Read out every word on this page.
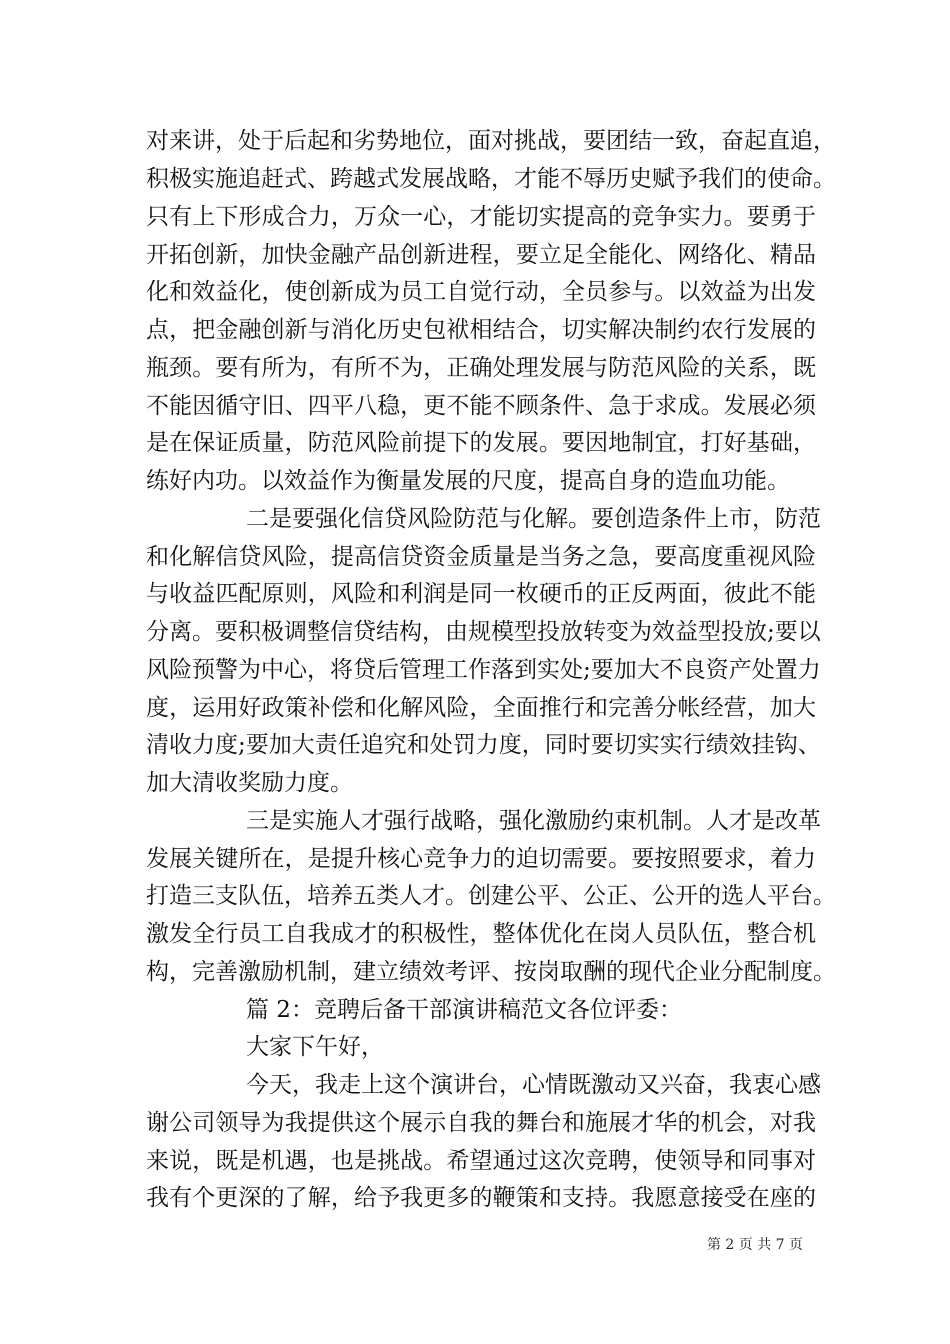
对来讲，处于后起和劣势地位，面对挑战，要团结一致，奋起直追，
积极实施追赶式、跨越式发展战略，才能不辱历史赋予我们的使命。
只有上下形成合力，万众一心，才能切实提高的竞争实力。要勇于
开拓创新，加快金融产品创新进程，要立足全能化、网络化、精品
化和效益化，使创新成为员工自觉行动，全员参与。以效益为出发
点，把金融创新与消化历史包袱相结合，切实解决制约农行发展的
瓶颈。要有所为，有所不为，正确处理发展与防范风险的关系，既
不能因循守旧、四平八稳，更不能不顾条件、急于求成。发展必须
是在保证质量，防范风险前提下的发展。要因地制宜，打好基础，
练好内功。以效益作为衡量发展的尺度，提高自身的造血功能。
二是要强化信贷风险防范与化解。要创造条件上市，防范
和化解信贷风险，提高信贷资金质量是当务之急，要高度重视风险
与收益匹配原则，风险和利润是同一枚硬币的正反两面，彼此不能
分离。要积极调整信贷结构，由规模型投放转变为效益型投放;要以
风险预警为中心，将贷后管理工作落到实处;要加大不良资产处置力
度，运用好政策补偿和化解风险，全面推行和完善分帐经营，加大
清收力度;要加大责任追究和处罚力度，同时要切实实行绩效挂钩、
加大清收奖励力度。
三是实施人才强行战略，强化激励约束机制。人才是改革
发展关键所在，是提升核心竞争力的迫切需要。要按照要求，着力
打造三支队伍，培养五类人才。创建公平、公正、公开的选人平台。
激发全行员工自我成才的积极性，整体优化在岗人员队伍，整合机
构，完善激励机制，建立绩效考评、按岗取酬的现代企业分配制度。
篇 2：竞聘后备干部演讲稿范文各位评委：
大家下午好，
今天，我走上这个演讲台，心情既激动又兴奋，我衷心感
谢公司领导为我提供这个展示自我的舞台和施展才华的机会，对我
来说，既是机遇，也是挑战。希望通过这次竞聘，使领导和同事对
我有个更深的了解，给予我更多的鞭策和支持。我愿意接受在座的
第 2 页 共 7 页
